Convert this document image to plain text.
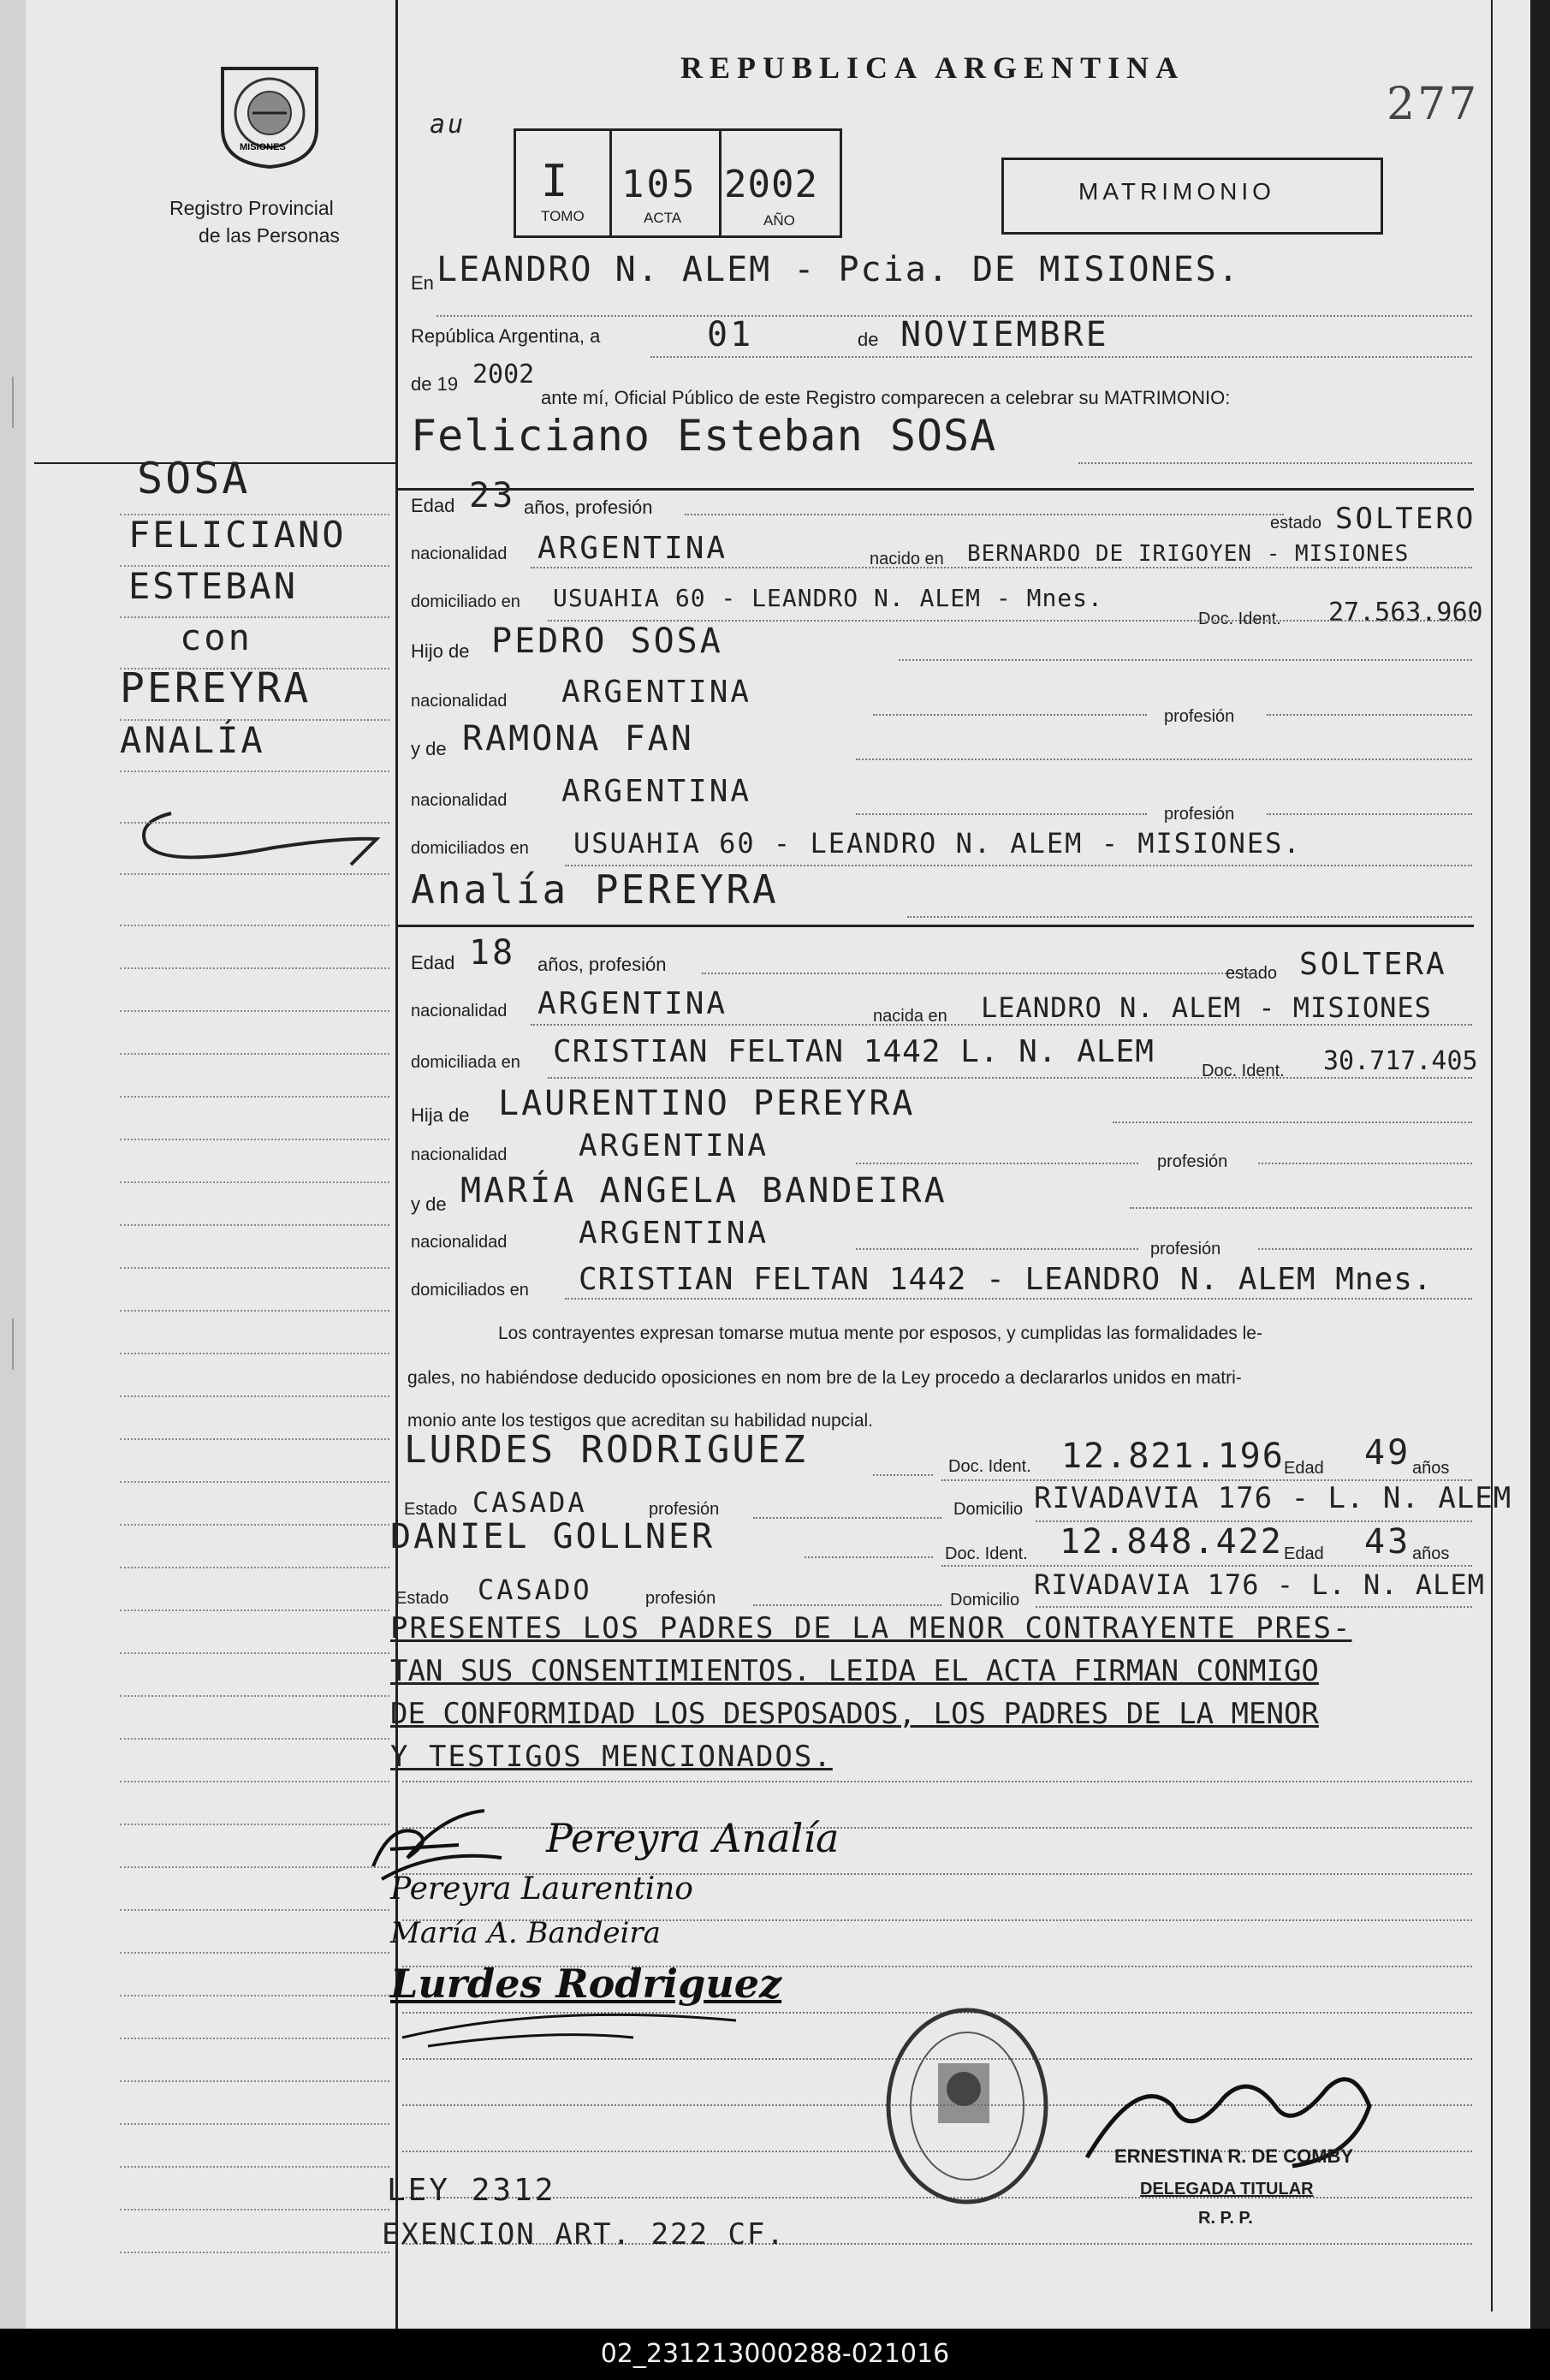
MISIONES
Registro Provincial
de las Personas
REPUBLICA ARGENTINA
277
au
I 105 2002
TOMO	ACTA	AÑO
MATRIMONIO
En LEANDRO N. ALEM - Pcia. DE MISIONES.
República Argentina, a	01	de NOVIEMBRE
de 19 2002
ante mí, Oficial Público de este Registro comparecen a celebrar su MATRIMONIO:
Feliciano Esteban SOSA
SOSA
FELICIANO
ESTEBAN
con
PEREYRA
ANALÍA
Edad 23 años, profesión
estado SOLTERO
nacionalidad ARGENTINA	nacido en BERNARDO DE IRIGOYEN - MISIONES
domiciliado en USUAHIA 60 - LEANDRO N. ALEM - Mnes.
Doc. Ident. 27.563.960
Hijo de PEDRO SOSA
nacionalidad ARGENTINA
profesión
y de RAMONA FAN
nacionalidad ARGENTINA
profesión
domiciliados en USUAHIA 60 - LEANDRO N. ALEM - MISIONES.
Analía PEREYRA
Edad 18 años, profesión	estado SOLTERA
nacionalidad ARGENTINA	nacida en LEANDRO N. ALEM - MISIONES
domiciliada en CRISTIAN FELTAN 1442 L. N. ALEM
Doc. Ident. 30.717.405
Hija de LAURENTINO PEREYRA
nacionalidad ARGENTINA	profesión
y de MARÍA ANGELA BANDEIRA
nacionalidad ARGENTINA	profesión
domiciliados en CRISTIAN FELTAN 1442 - LEANDRO N. ALEM Mnes.
Los contrayentes expresan tomarse mutua mente por esposos, y cumplidas las formalidades le-
gales, no habiéndose deducido oposiciones en nom bre de la Ley procedo a declararlos unidos en matri-
monio ante los testigos que acreditan su habilidad nupcial.
LURDES RODRIGUEZ	Doc. Ident. 12.821.196 Edad 49 años
Estado CASADA	profesión	Domicilio RIVADAVIA 176 - L. N. ALEM
DANIEL GOLLNER	Doc. Ident. 12.848.422 Edad 43 años
Estado CASADO	profesión	Domicilio RIVADAVIA 176 - L. N. ALEM
PRESENTES LOS PADRES DE LA MENOR CONTRAYENTE PRES-
TAN SUS CONSENTIMIENTOS. LEIDA EL ACTA FIRMAN CONMIGO
DE CONFORMIDAD LOS DESPOSADOS, LOS PADRES DE LA MENOR
Y TESTIGOS MENCIONADOS.
Pereyra Analía
Pereyra Laurentino
María A. Bandeira
Lurdes Rodriguez
ERNESTINA R. DE COMBY
DELEGADA TITULAR
R. P. P.
LEY 2312
EXENCION ART. 222 CF.
02_231213000288-021016
